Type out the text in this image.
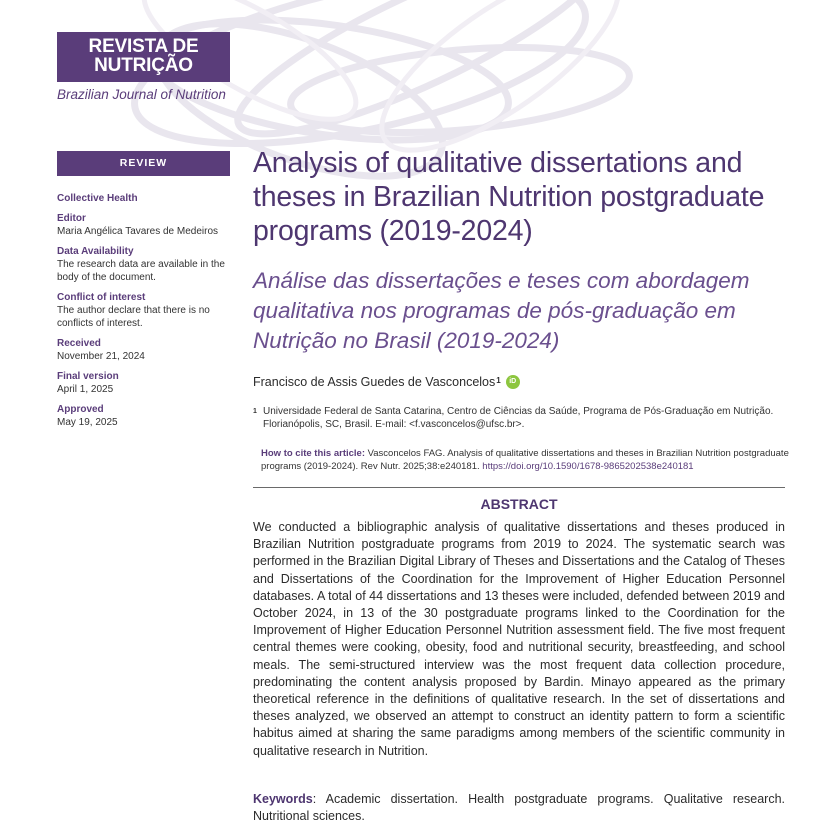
REVISTA DE
NUTRIÇÃO
Brazilian Journal of Nutrition
REVIEW
Collective Health
Editor
Maria Angélica Tavares de Medeiros
Data Availability
The research data are available in the body of the document.
Conflict of interest
The author declare that there is no conflicts of interest.
Received
November 21, 2024
Final version
April 1, 2025
Approved
May 19, 2025
Analysis of qualitative dissertations and theses in Brazilian Nutrition postgraduate programs (2019-2024)
Análise das dissertações e teses com abordagem qualitativa nos programas de pós-graduação em Nutrição no Brasil (2019-2024)
Francisco de Assis Guedes de Vasconcelos$^1$	iD
1 Universidade Federal de Santa Catarina, Centro de Ciências da Saúde, Programa de Pós-Graduação em Nutrição. Florianópolis, SC, Brasil. E-mail: <f.vasconcelos@ufsc.br>.
How to cite this article: Vasconcelos FAG. Analysis of qualitative dissertations and theses in Brazilian Nutrition postgraduate programs (2019-2024). Rev Nutr. 2025;38:e240181. https://doi.org/10.1590/1678-9865202538e240181
ABSTRACT

We conducted a bibliographic analysis of qualitative dissertations and theses produced in Brazilian Nutrition postgraduate programs from 2019 to 2024. The systematic search was performed in the Brazilian Digital Library of Theses and Dissertations and the Catalog of Theses and Dissertations of the Coordination for the Improvement of Higher Education Personnel databases. A total of 44 dissertations and 13 theses were included, defended between 2019 and October 2024, in 13 of the 30 postgraduate programs linked to the Coordination for the Improvement of Higher Education Personnel Nutrition assessment field. The five most frequent central themes were cooking, obesity, food and nutritional security, breastfeeding, and school meals. The semi-structured interview was the most frequent data collection procedure, predominating the content analysis proposed by Bardin. Minayo appeared as the primary theoretical reference in the definitions of qualitative research. In the set of dissertations and theses analyzed, we observed an attempt to construct an identity pattern to form a scientific habitus aimed at sharing the same paradigms among members of the scientific community in qualitative research in Nutrition.

Keywords: Academic dissertation. Health postgraduate programs. Qualitative research. Nutritional sciences.
